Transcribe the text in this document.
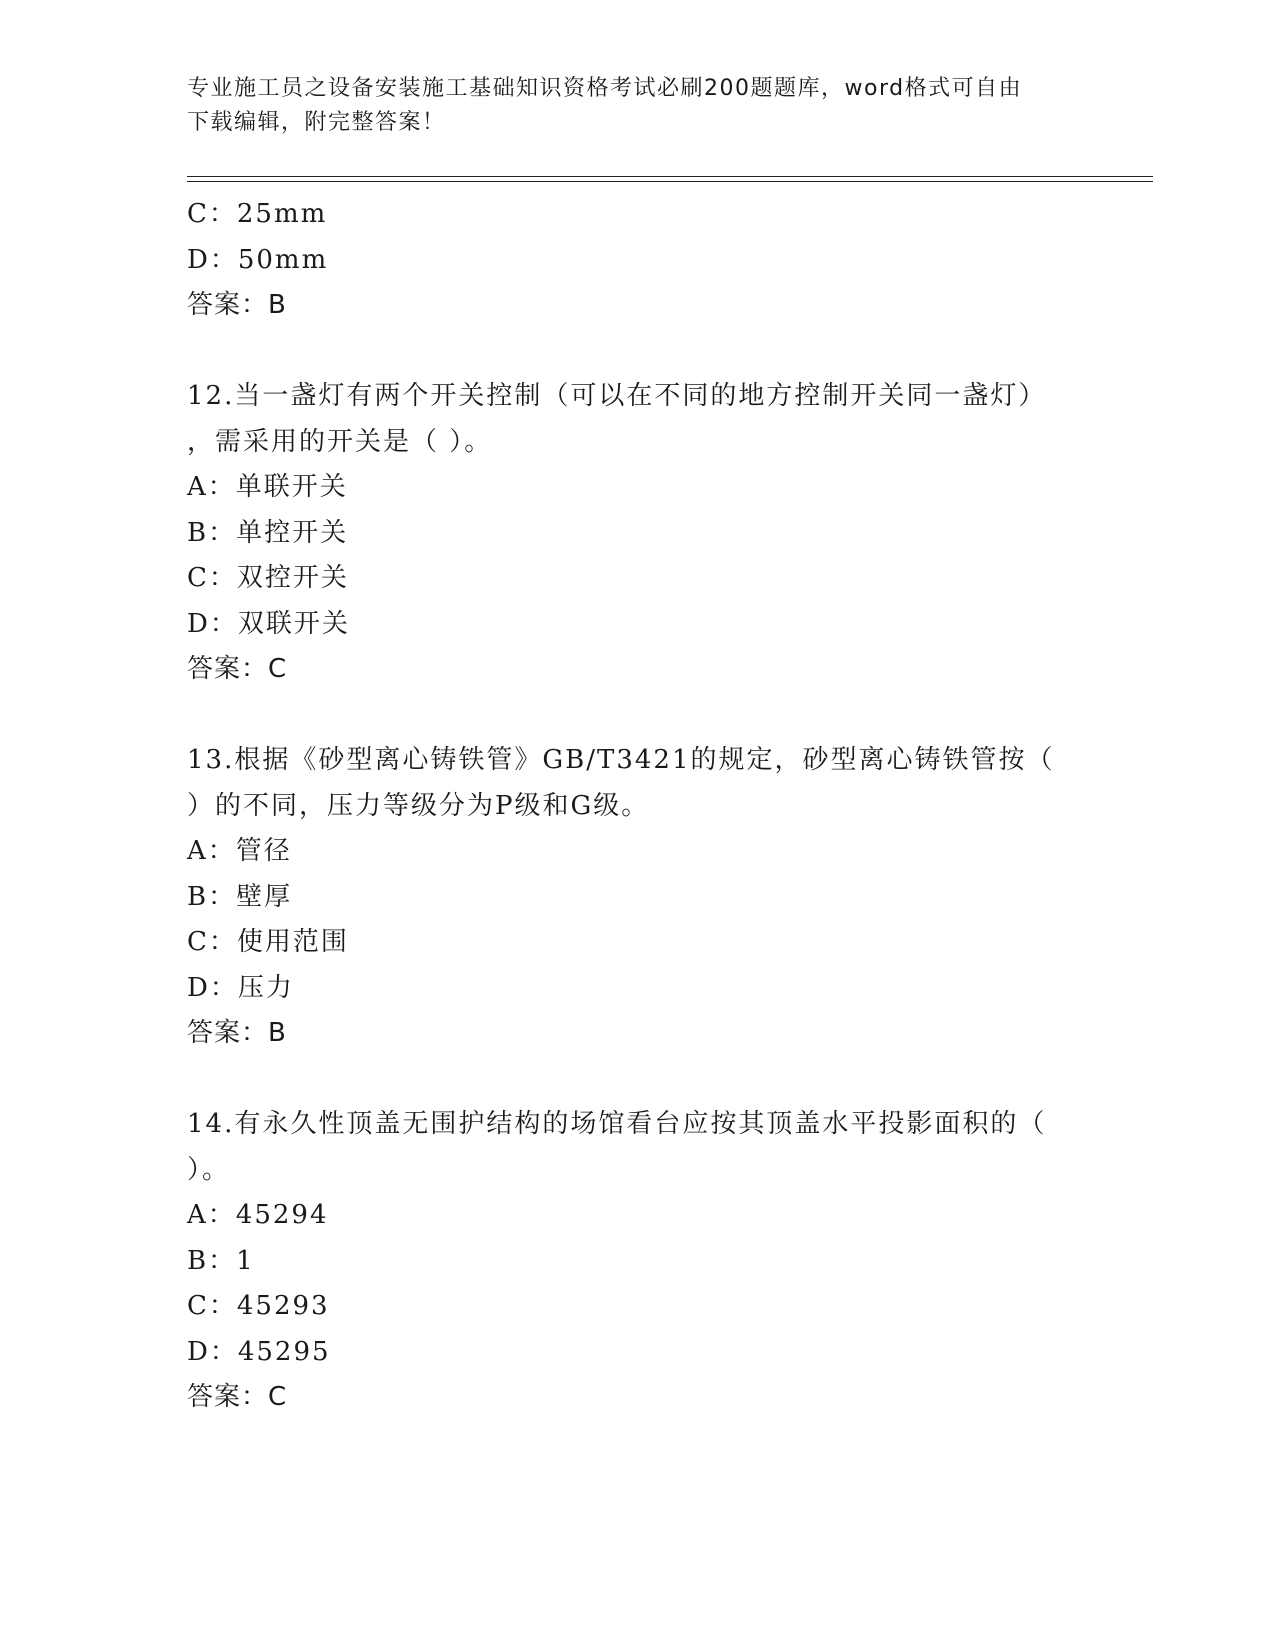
专业施工员之设备安装施工基础知识资格考试必刷200题题库，word格式可自由
下载编辑，附完整答案！
C：25mm
D：50mm
答案：B
12.当一盏灯有两个开关控制（可以在不同的地方控制开关同一盏灯）
，需采用的开关是（ ）。
A：单联开关
B：单控开关
C：双控开关
D：双联开关
答案：C
13.根据《砂型离心铸铁管》GB/T3421的规定，砂型离心铸铁管按（
）的不同，压力等级分为P级和G级。
A：管径
B：壁厚
C：使用范围
D：压力
答案：B
14.有永久性顶盖无围护结构的场馆看台应按其顶盖水平投影面积的（
）。
A：45294
B：1
C：45293
D：45295
答案：C
